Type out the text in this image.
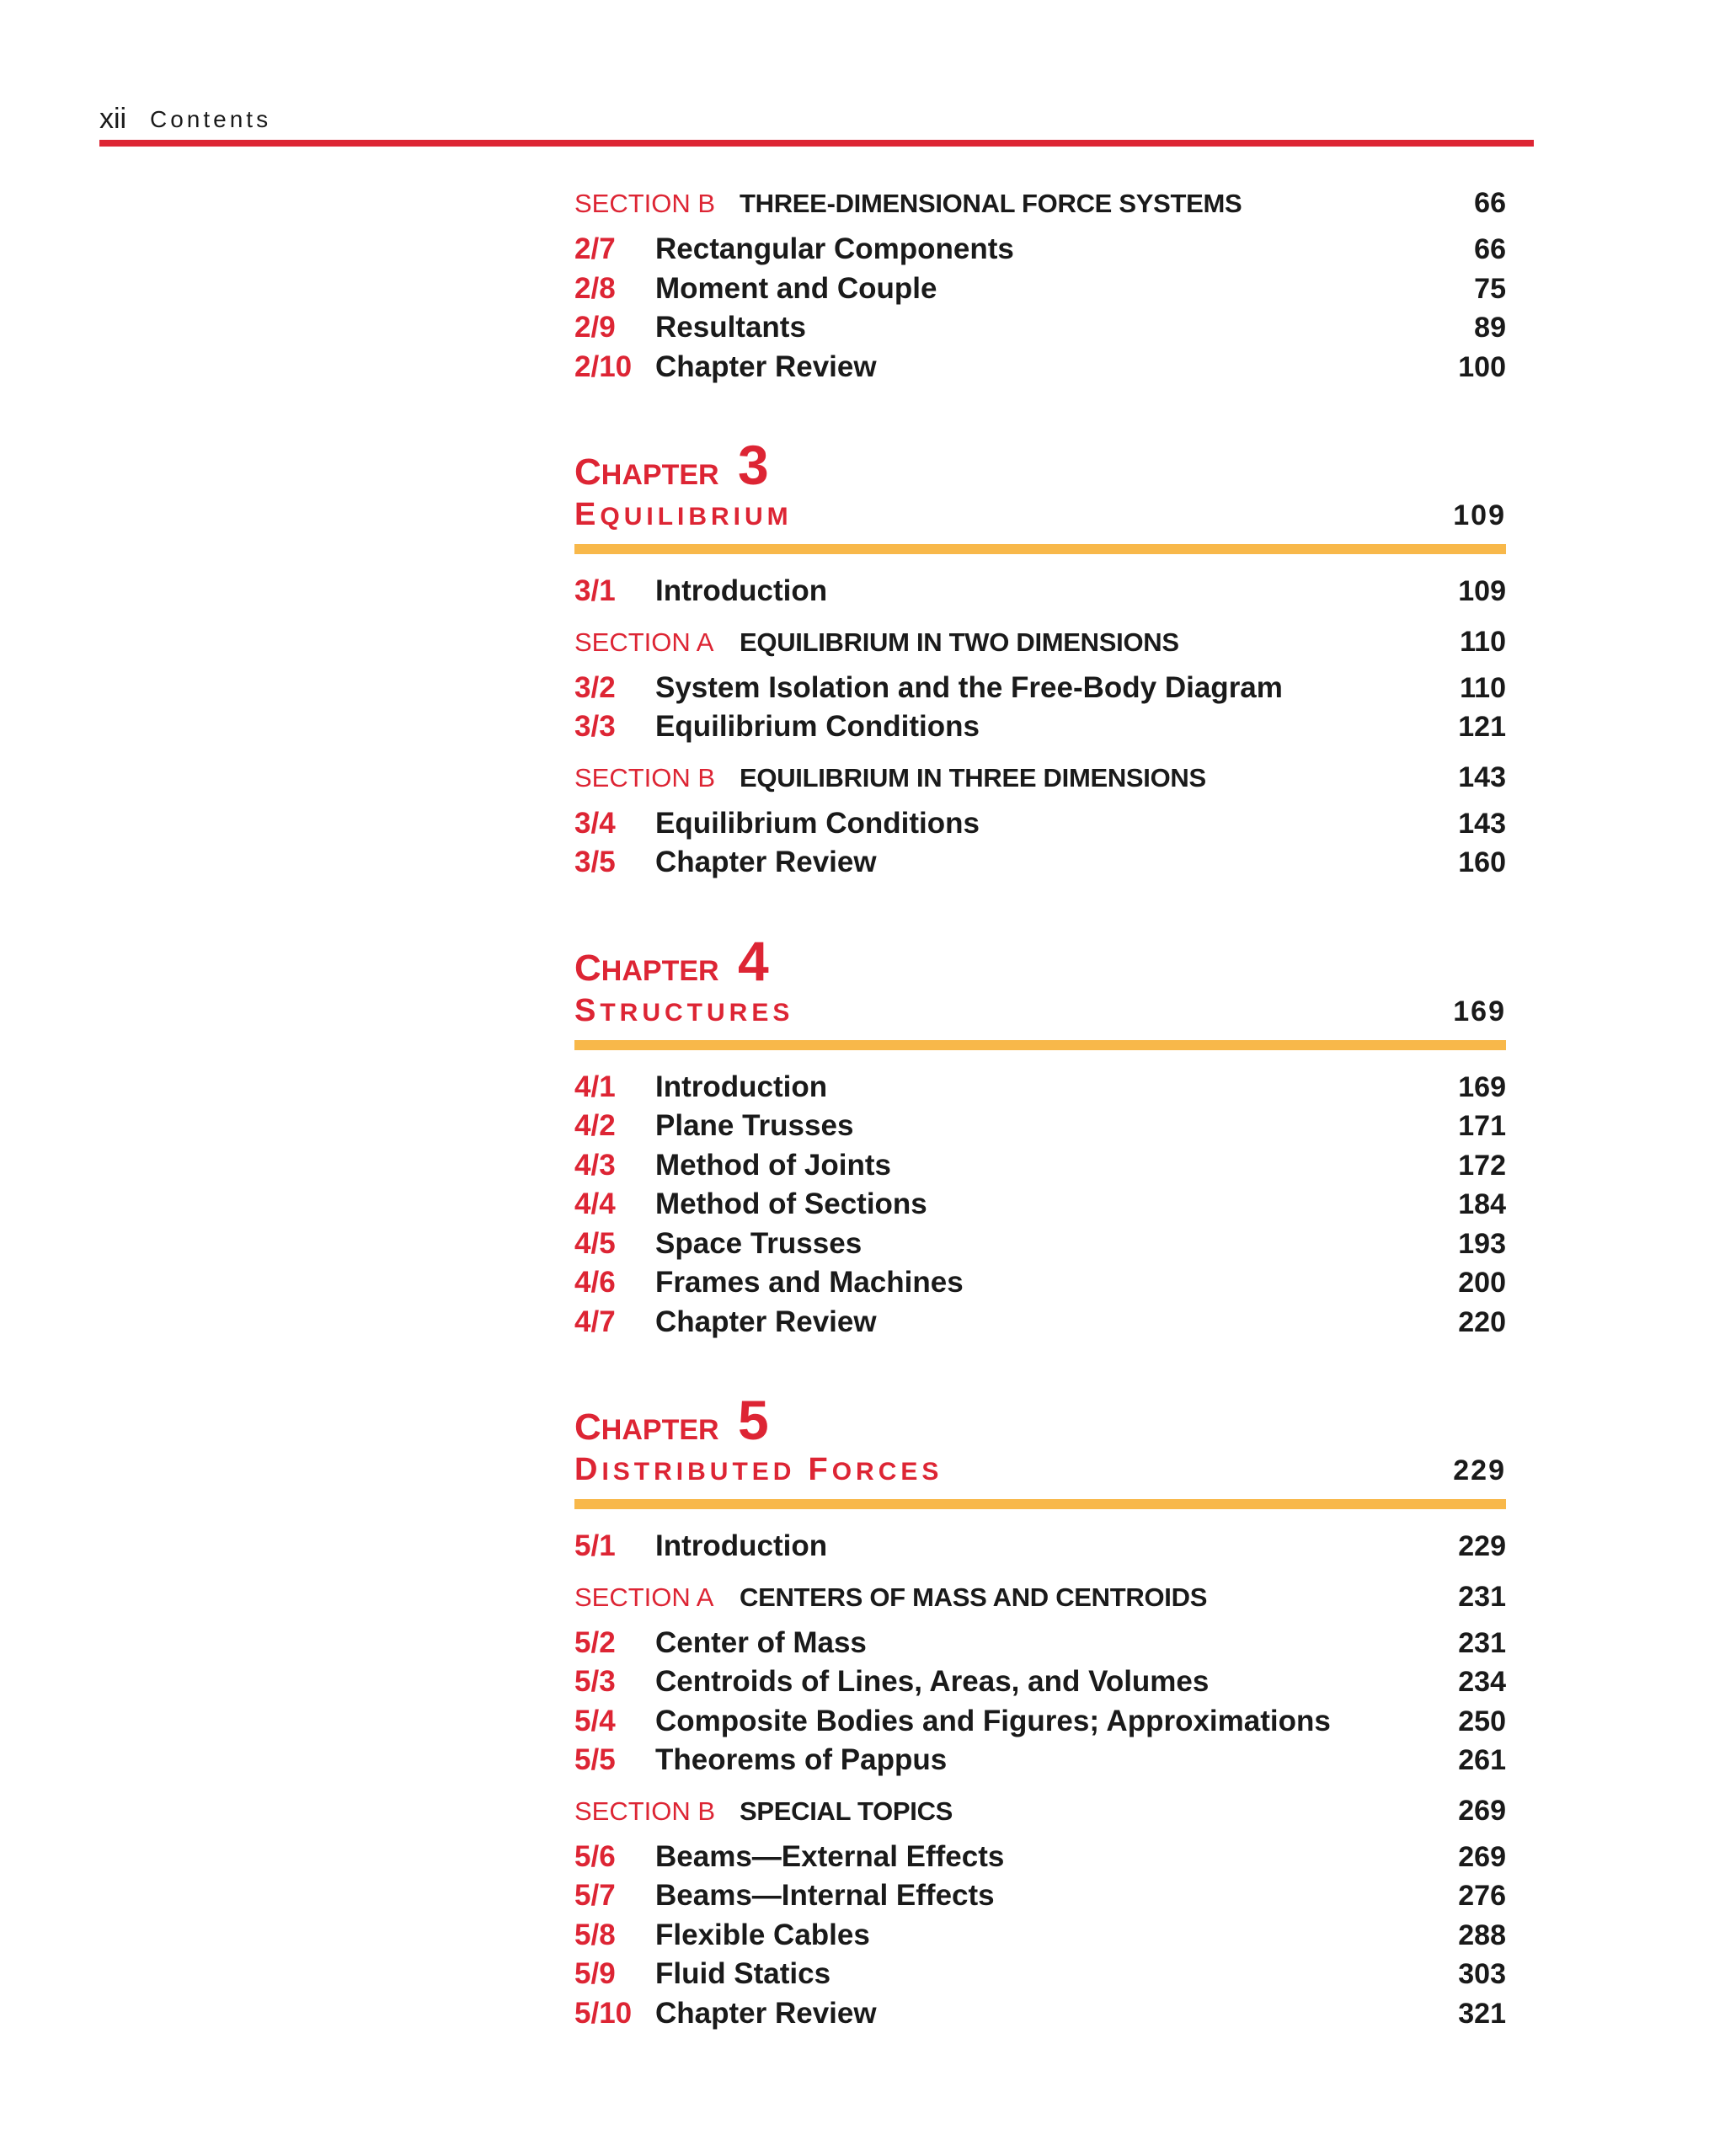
xii Contents
SECTION B THREE-DIMENSIONAL FORCE SYSTEMS	66
2/7	Rectangular Components	66
2/8	Moment and Couple	75
2/9	Resultants	89
2/10 Chapter Review	100
CHAPTER 3
EQUILIBRIUM	109
3/1	Introduction	109
SECTION A EQUILIBRIUM IN TWO DIMENSIONS	110
3/2	System Isolation and the Free-Body Diagram	110
3/3	Equilibrium Conditions	121
SECTION B EQUILIBRIUM IN THREE DIMENSIONS	143
3/4	Equilibrium Conditions	143
3/5	Chapter Review	160
CHAPTER 4
STRUCTURES	169
4/1	Introduction	169
4/2	Plane Trusses	171
4/3	Method of Joints	172
4/4	Method of Sections	184
4/5	Space Trusses	193
4/6	Frames and Machines	200
4/7	Chapter Review	220
CHAPTER 5
DISTRIBUTED FORCES	229
5/1	Introduction	229
SECTION A CENTERS OF MASS AND CENTROIDS	231
5/2	Center of Mass	231
5/3	Centroids of Lines, Areas, and Volumes	234
5/4	Composite Bodies and Figures; Approximations	250
5/5	Theorems of Pappus	261
SECTION B SPECIAL TOPICS	269
5/6	Beams—External Effects	269
5/7	Beams—Internal Effects	276
5/8	Flexible Cables	288
5/9	Fluid Statics	303
5/10 Chapter Review	321
